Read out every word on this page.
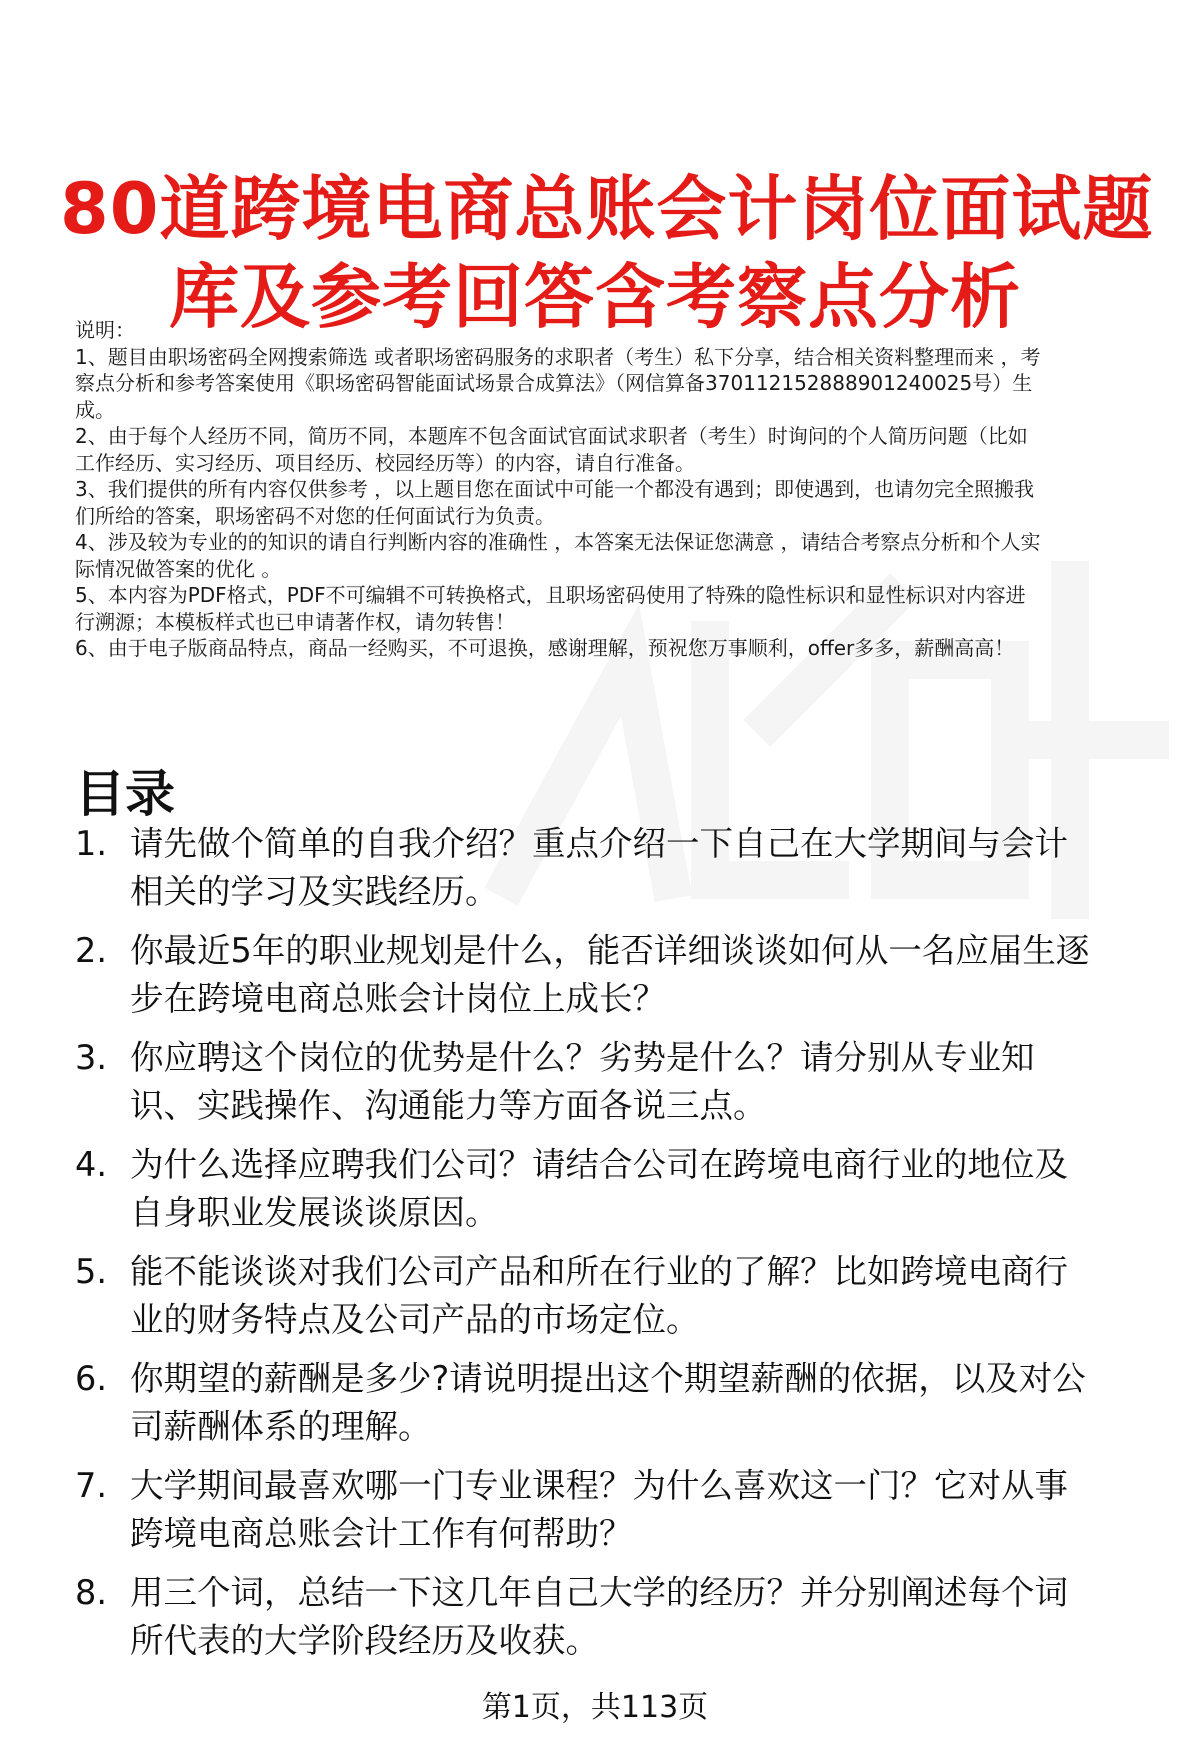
80道跨境电商总账会计岗位面试题
库及参考回答含考察点分析
说明：
1、题目由职场密码全网搜索筛选 或者职场密码服务的求职者（考生）私下分享，结合相关资料整理而来 ，考
察点分析和参考答案使用《职场密码智能面试场景合成算法》（网信算备370112152888901240025号）生
成。
2、由于每个人经历不同，简历不同，本题库不包含面试官面试求职者（考生）时询问的个人简历问题（比如
工作经历、实习经历、项目经历、校园经历等）的内容，请自行准备。
3、我们提供的所有内容仅供参考 ，以上题目您在面试中可能一个都没有遇到；即使遇到，也请勿完全照搬我
们所给的答案，职场密码不对您的任何面试行为负责。
4、涉及较为专业的的知识的请自行判断内容的准确性 ，本答案无法保证您满意 ，请结合考察点分析和个人实
际情况做答案的优化 。
5、本内容为PDF格式，PDF不可编辑不可转换格式，且职场密码使用了特殊的隐性标识和显性标识对内容进
行溯源；本模板样式也已申请著作权，请勿转售！
6、由于电子版商品特点，商品一经购买，不可退换，感谢理解，预祝您万事顺利，offer多多，薪酬高高！
目录
1. 请先做个简单的自我介绍？重点介绍一下自己在大学期间与会计
相关的学习及实践经历。
2. 你最近5年的职业规划是什么，能否详细谈谈如何从一名应届生逐
步在跨境电商总账会计岗位上成长？
3. 你应聘这个岗位的优势是什么？劣势是什么？请分别从专业知
识、实践操作、沟通能力等方面各说三点。
4. 为什么选择应聘我们公司？请结合公司在跨境电商行业的地位及
自身职业发展谈谈原因。
5. 能不能谈谈对我们公司产品和所在行业的了解？比如跨境电商行
业的财务特点及公司产品的市场定位。
6. 你期望的薪酬是多少?请说明提出这个期望薪酬的依据，以及对公
司薪酬体系的理解。
7. 大学期间最喜欢哪一门专业课程？为什么喜欢这一门？它对从事
跨境电商总账会计工作有何帮助？
8. 用三个词，总结一下这几年自己大学的经历？并分别阐述每个词
所代表的大学阶段经历及收获。
第1页，共113页
